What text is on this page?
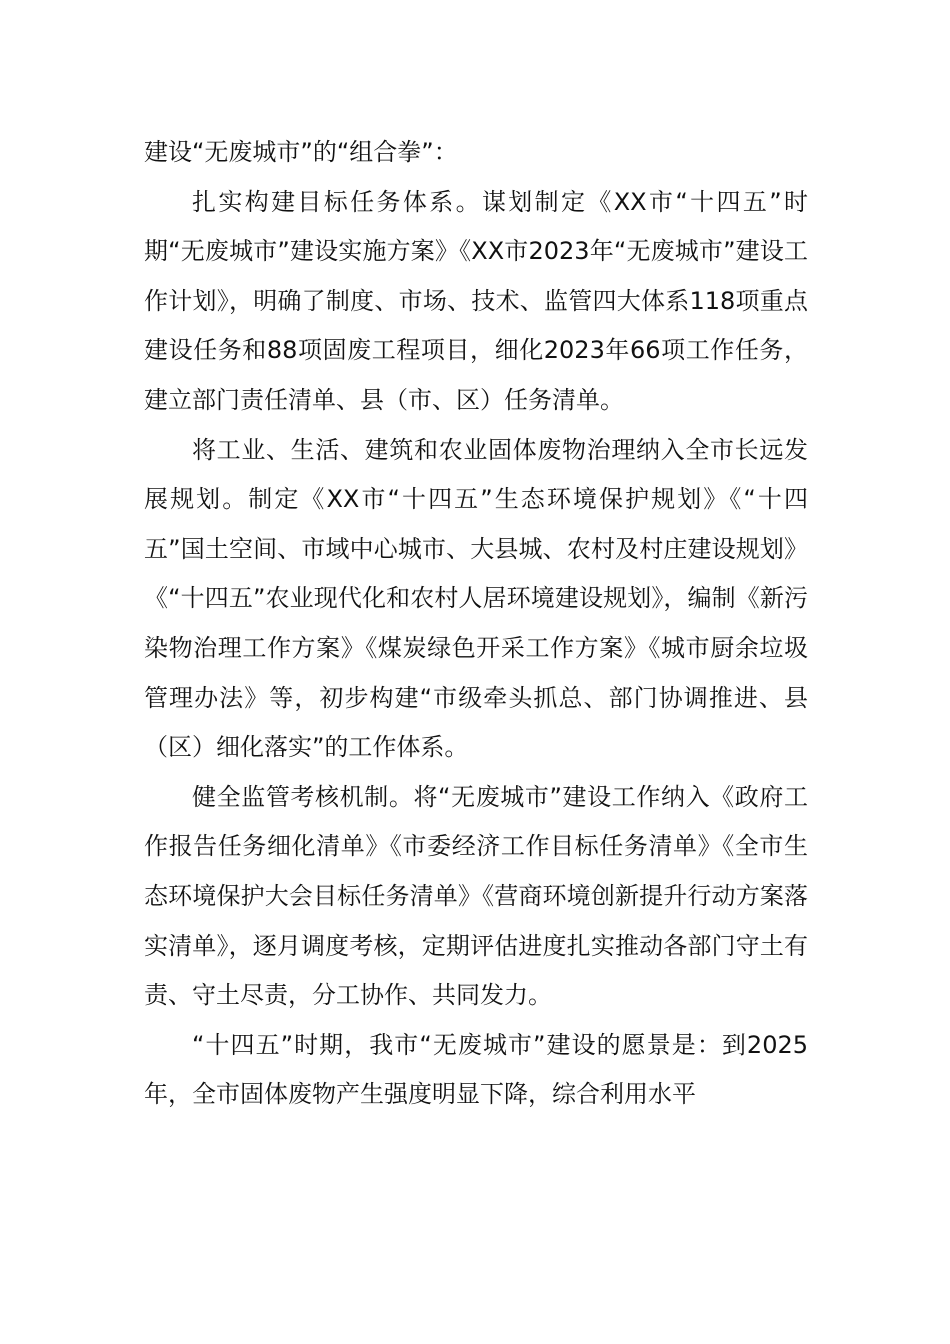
建设“无废城市”的“组合拳”：

扎实构建目标任务体系。谋划制定《XX市“十四五”时期“无废城市”建设实施方案》《XX市2023年“无废城市”建设工作计划》，明确了制度、市场、技术、监管四大体系118项重点建设任务和88项固废工程项目，细化2023年66项工作任务，建立部门责任清单、县（市、区）任务清单。

将工业、生活、建筑和农业固体废物治理纳入全市长远发展规划。制定《XX市“十四五”生态环境保护规划》《“十四五”国土空间、市域中心城市、大县城、农村及村庄建设规划》《“十四五”农业现代化和农村人居环境建设规划》，编制《新污染物治理工作方案》《煤炭绿色开采工作方案》《城市厨余垃圾管理办法》等，初步构建“市级牵头抓总、部门协调推进、县（区）细化落实”的工作体系。

健全监管考核机制。将“无废城市”建设工作纳入《政府工作报告任务细化清单》《市委经济工作目标任务清单》《全市生态环境保护大会目标任务清单》《营商环境创新提升行动方案落实清单》，逐月调度考核，定期评估进度扎实推动各部门守土有责、守土尽责，分工协作、共同发力。

“十四五”时期，我市“无废城市”建设的愿景是：到2025年，全市固体废物产生强度明显下降，综合利用水平
